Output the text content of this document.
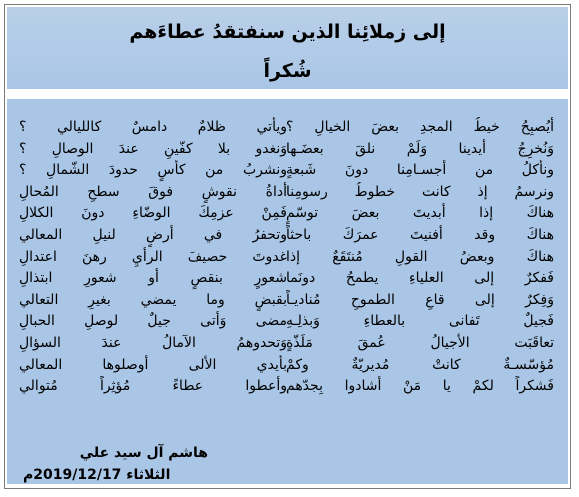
إلى زملائِنا الذين سنفتقدُ عطاءَهم
شُكراً
أَيُصبِحُ خيطُ المجدِ بعضَ الخيالِ ؟
وَنُخرِجُ أيدينا وَلَمْ نلقَ بعضَـها
ونأكلُ من أجسـامِنا دونَ شَبعةٍ
ونرسمُ إذ كانت خطوطُ رسومِنا
هناكَ إذا أبديتَ بعضَ توسّمٍ
هناكَ وقد أفنيتَ عمرَكَ باحثاً
هناكَ وبعضُ القولِ مُنتَقَعٌ إذا
فَفكرٌ إلى العلياءِ يطمحُ دونَما
وَفِكرٌ إلى قاعِ الطموحِ مُناديـاً
فَجيلٌ تَفانى بالعطاءِ وَبذلِـهِ
تعاقَبَت الأجيالُ عُمقَ مَلَذّةٍ
مُؤسّسـةٌ كانتْ مُديريّةٌ وكمْ
فَشكراً لكمْ يا مَنْ أشادوا بِجدّهم
ويأتي ظلامٌ دامسٌ كالليالي ؟
وَنغدو بلا كفّينِ عندَ الوصالِ ؟
ونشربُ من كأسٍ حدودَ الشّمالِ ؟
أداةُ نقوشٍ فوقَ سطحِ المُحالِ
فَمِنْ عزمِكَ الوضّاءِ دونَ الكلالِ
وتحفرُ في أرضٍ لنيلِ المعالي
غدوتَ حصيفَ الرأيِ رهنَ اعتدالِ
شعورٍ بنقصٍ أو شعورِ ابتذالِ
بقبضٍ وما يمضي بغيرِ التعالي
مضى وَأتى جيلٌ لوصلِ الحبالِ
وَتحدوهمُ الآمالُ عندَ السؤالِ
بأيدي الأُلى أوصلوها المعالي
وأعطوا عطاءً مُؤثِراً مُتوالي
هاشم آل سيد علي
الثلاثاء 2019/12/17م
